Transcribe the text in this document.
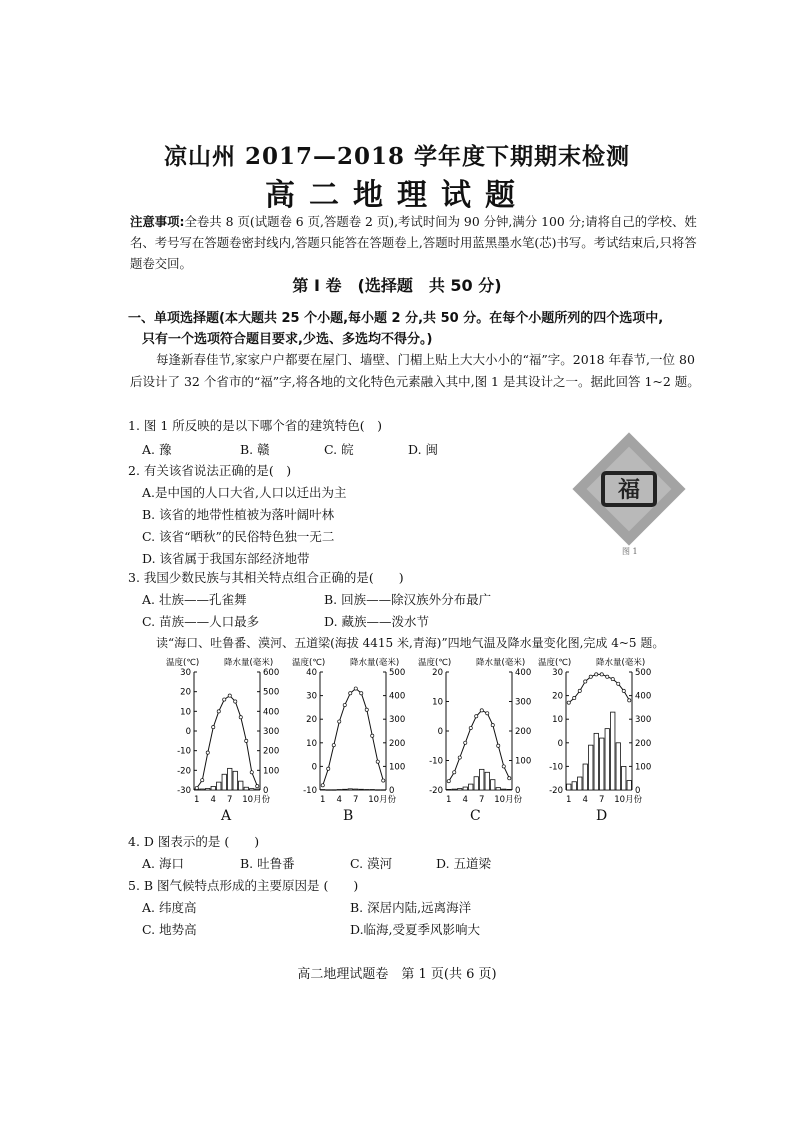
凉山州 2017—2018 学年度下期期末检测
高二地理试题
注意事项:全卷共 8 页(试题卷 6 页,答题卷 2 页),考试时间为 90 分钟,满分 100 分;请将自己的学校、姓名、考号写在答题卷密封线内,答题只能答在答题卷上,答题时用蓝黑墨水笔(芯)书写。考试结束后,只将答题卷交回。
第 I 卷　(选择题　共 50 分)
一、单项选择题(本大题共 25 个小题,每小题 2 分,共 50 分。在每个小题所列的四个选项中,
只有一个选项符合题目要求,少选、多选均不得分。)
每逢新春佳节,家家户户都要在屋门、墙壁、门楣上贴上大大小小的“福”字。2018 年春节,一位 80 后设计了 32 个省市的“福”字,将各地的文化特色元素融入其中,图 1 是其设计之一。据此回答 1~2 题。
1. 图 1 所反映的是以下哪个省的建筑特色(　)
A. 豫	B. 赣	C. 皖	D. 闽
2. 有关该省说法正确的是(　)
A.是中国的人口大省,人口以迁出为主
B. 该省的地带性植被为落叶阔叶林
C. 该省“晒秋”的民俗特色独一无二
D. 该省属于我国东部经济地带
福
图 1
3. 我国少数民族与其相关特点组合正确的是(　　)
A. 壮族——孔雀舞	B. 回族——除汉族外分布最广
C. 苗族——人口最多	D. 藏族——泼水节
读“海口、吐鲁番、漠河、五道梁(海拔 4415 米,青海)”四地气温及降水量变化图,完成 4~5 题。
温度(℃)	降水量(毫米)
30
20
10
0
-10
-20
-30
600
500
400
300
200
100
0
1 4 7 10月份
温度(℃)	降水量(毫米)
40
30
20
10
0
-10
500
400
300
200
100
0
1 4 7 10月份
温度(℃)	降水量(毫米)
20
10
0
-10
-20
400
300
200
100
0
1 4 7 10月份
温度(℃)	降水量(毫米)
30
20
10
0
-10
-20
500
400
300
200
100
0
1 4 7 10月份
A	B	C	D
4. D 图表示的是 (　　)
A. 海口	B. 吐鲁番	C. 漠河	D. 五道梁
5. B 图气候特点形成的主要原因是 (　　)
A. 纬度高	B. 深居内陆,远离海洋
C. 地势高	D.临海,受夏季风影响大
高二地理试题卷　第 1 页(共 6 页)
